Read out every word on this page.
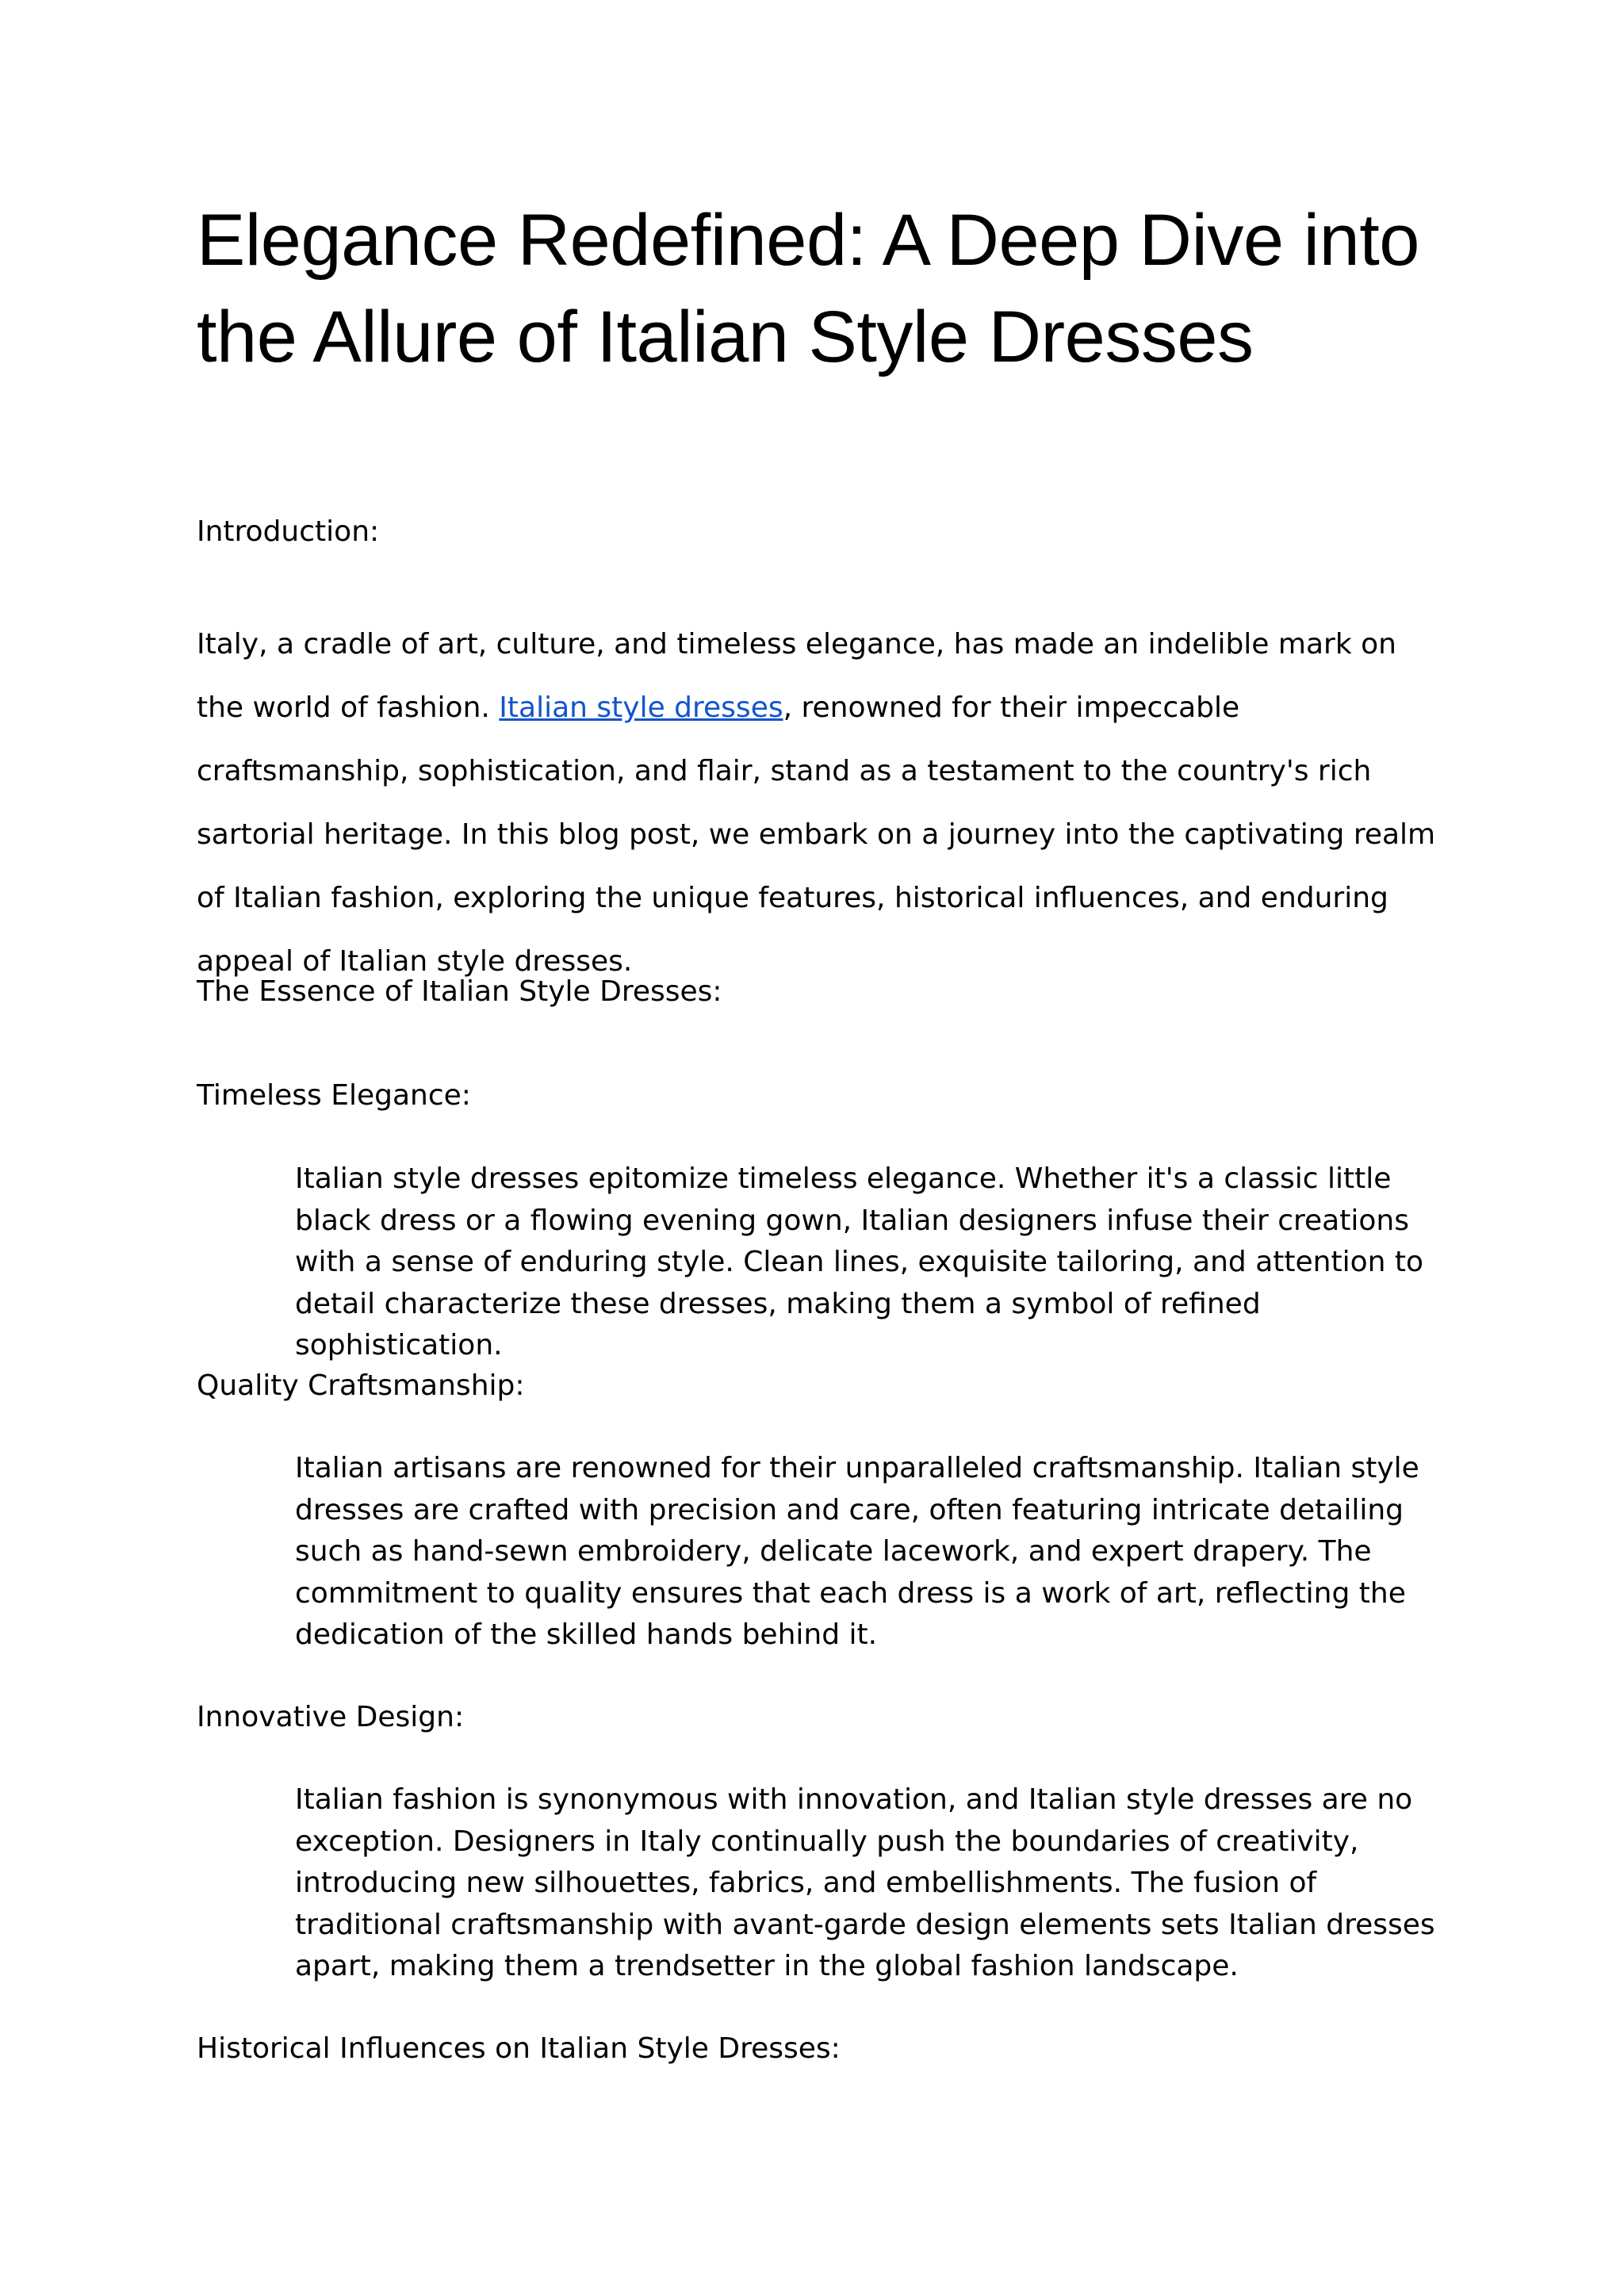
Elegance Redefined: A Deep Dive into the Allure of Italian Style Dresses

Introduction:

Italy, a cradle of art, culture, and timeless elegance, has made an indelible mark on the world of fashion. Italian style dresses, renowned for their impeccable craftsmanship, sophistication, and flair, stand as a testament to the country's rich sartorial heritage. In this blog post, we embark on a journey into the captivating realm of Italian fashion, exploring the unique features, historical influences, and enduring appeal of Italian style dresses.

The Essence of Italian Style Dresses:

Timeless Elegance:

Italian style dresses epitomize timeless elegance. Whether it's a classic little black dress or a flowing evening gown, Italian designers infuse their creations with a sense of enduring style. Clean lines, exquisite tailoring, and attention to detail characterize these dresses, making them a symbol of refined sophistication.

Quality Craftsmanship:

Italian artisans are renowned for their unparalleled craftsmanship. Italian style dresses are crafted with precision and care, often featuring intricate detailing such as hand-sewn embroidery, delicate lacework, and expert drapery. The commitment to quality ensures that each dress is a work of art, reflecting the dedication of the skilled hands behind it.

Innovative Design:

Italian fashion is synonymous with innovation, and Italian style dresses are no exception. Designers in Italy continually push the boundaries of creativity, introducing new silhouettes, fabrics, and embellishments. The fusion of traditional craftsmanship with avant-garde design elements sets Italian dresses apart, making them a trendsetter in the global fashion landscape.

Historical Influences on Italian Style Dresses:
